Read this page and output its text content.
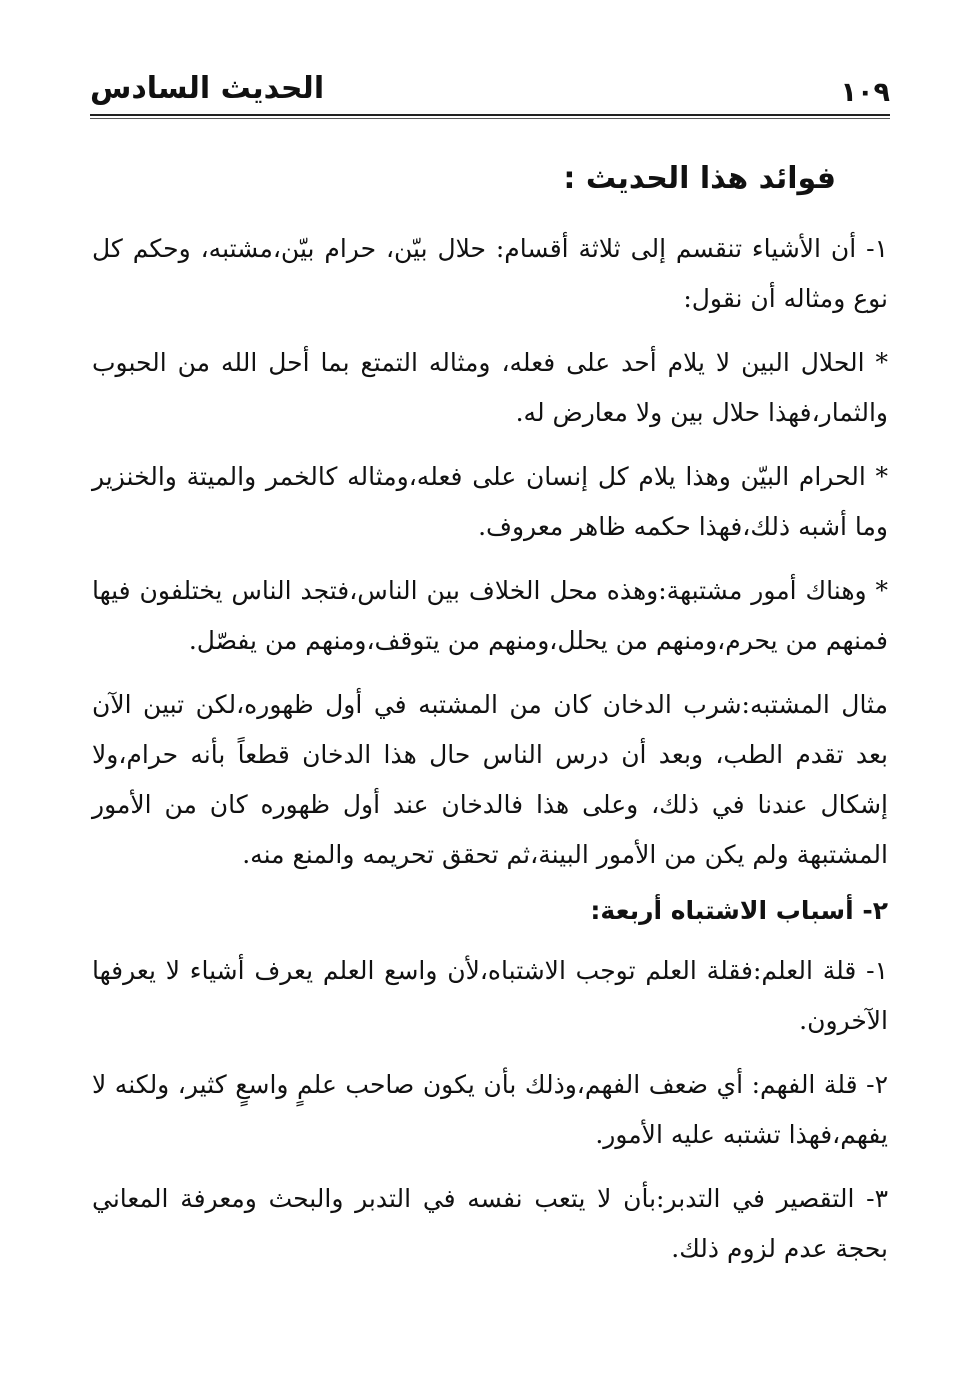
١٠٩
الحديث السادس
فوائد هذا الحديث :

١- أن الأشياء تنقسم إلى ثلاثة أقسام: حلال بيّن، حرام بيّن،مشتبه، وحكم كل نوع ومثاله أن نقول:

* الحلال البين لا يلام أحد على فعله، ومثاله التمتع بما أحل الله من الحبوب والثمار،فهذا حلال بين ولا معارض له.

* الحرام البيّن وهذا يلام كل إنسان على فعله،ومثاله كالخمر والميتة والخنزير وما أشبه ذلك،فهذا حكمه ظاهر معروف.

* وهناك أمور مشتبهة:وهذه محل الخلاف بين الناس،فتجد الناس يختلفون فيها فمنهم من يحرم،ومنهم من يحلل،ومنهم من يتوقف،ومنهم من يفصّل.

مثال المشتبه:شرب الدخان كان من المشتبه في أول ظهوره،لكن تبين الآن بعد تقدم الطب، وبعد أن درس الناس حال هذا الدخان قطعاً بأنه حرام،ولا إشكال عندنا في ذلك، وعلى هذا فالدخان عند أول ظهوره كان من الأمور المشتبهة ولم يكن من الأمور البينة،ثم تحقق تحريمه والمنع منه.

٢- أسباب الاشتباه أربعة:

١- قلة العلم:فقلة العلم توجب الاشتباه،لأن واسع العلم يعرف أشياء لا يعرفها الآخرون.

٢- قلة الفهم: أي ضعف الفهم،وذلك بأن يكون صاحب علمٍ واسعٍ كثير، ولكنه لا يفهم،فهذا تشتبه عليه الأمور.

٣- التقصير في التدبر:بأن لا يتعب نفسه في التدبر والبحث ومعرفة المعاني بحجة عدم لزوم ذلك.
